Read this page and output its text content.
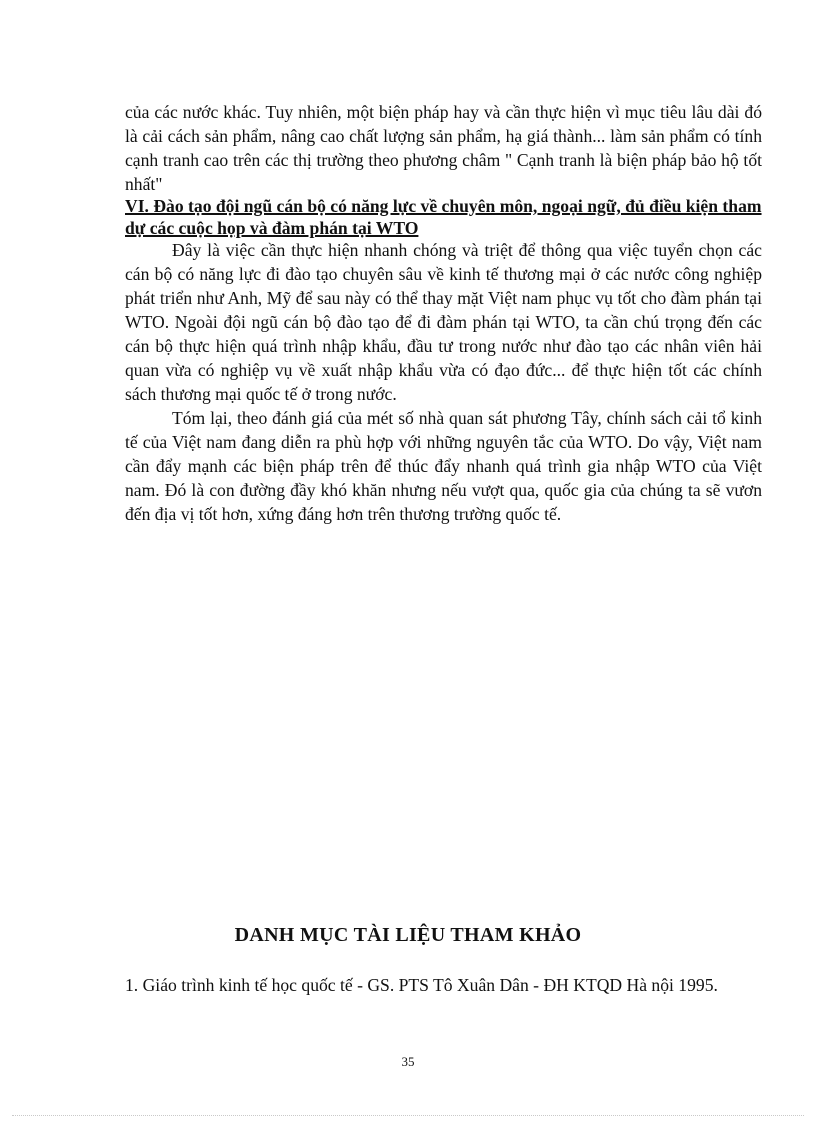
của các nước khác. Tuy nhiên, một biện pháp hay và cần thực hiện vì mục tiêu lâu dài đó là cải cách sản phẩm, nâng cao chất lượng sản phẩm, hạ giá thành... làm sản phẩm có tính cạnh tranh cao trên các thị trường theo phương châm " Cạnh tranh là biện pháp bảo hộ tốt nhất"

VI. Đào tạo đội ngũ cán bộ có năng lực về chuyên môn, ngoại ngữ, đủ điều kiện tham dự các cuộc họp và đàm phán tại WTO

Đây là việc cần thực hiện nhanh chóng và triệt để thông qua việc tuyển chọn các cán bộ có năng lực đi đào tạo chuyên sâu về kinh tế thương mại ở các nước công nghiệp phát triển như Anh, Mỹ để sau này có thể thay mặt Việt nam phục vụ tốt cho đàm phán tại WTO. Ngoài đội ngũ cán bộ đào tạo để đi đàm phán tại WTO, ta cần chú trọng đến các cán bộ thực hiện quá trình nhập khẩu, đầu tư trong nước như đào tạo các nhân viên hải quan vừa có nghiệp vụ về xuất nhập khẩu vừa có đạo đức... để thực hiện tốt các chính sách thương mại quốc tế ở trong nước.

Tóm lại, theo đánh giá của mét số nhà quan sát phương Tây, chính sách cải tổ kinh tế của Việt nam đang diễn ra phù hợp với những nguyên tắc của WTO. Do vậy, Việt nam cần đẩy mạnh các biện pháp trên để thúc đẩy nhanh quá trình gia nhập WTO của Việt nam. Đó là con đường đầy khó khăn nhưng nếu vượt qua, quốc gia của chúng ta sẽ vươn đến địa vị tốt hơn, xứng đáng hơn trên thương trường quốc tế.

DANH MỤC TÀI LIỆU THAM KHẢO

1. Giáo trình kinh tế học quốc tế - GS. PTS Tô Xuân Dân - ĐH KTQD Hà nội 1995.

35
